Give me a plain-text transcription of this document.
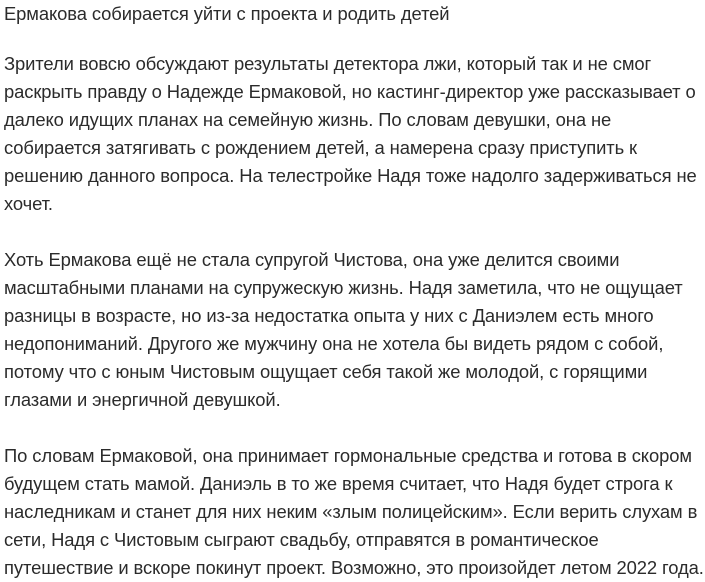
Ермакова собирается уйти с проекта и родить детей

Зрители вовсю обсуждают результаты детектора лжи, который так и не смог раскрыть правду о Надежде Ермаковой, но кастинг-директор уже рассказывает о далеко идущих планах на семейную жизнь. По словам девушки, она не собирается затягивать с рождением детей, а намерена сразу приступить к решению данного вопроса. На телестройке Надя тоже надолго задерживаться не хочет.

Хоть Ермакова ещё не стала супругой Чистова, она уже делится своими масштабными планами на супружескую жизнь. Надя заметила, что не ощущает разницы в возрасте, но из-за недостатка опыта у них с Даниэлем есть много недопониманий. Другого же мужчину она не хотела бы видеть рядом с собой, потому что с юным Чистовым ощущает себя такой же молодой, с горящими глазами и энергичной девушкой.

По словам Ермаковой, она принимает гормональные средства и готова в скором будущем стать мамой. Даниэль в то же время считает, что Надя будет строга к наследникам и станет для них неким «злым полицейским». Если верить слухам в сети, Надя с Чистовым сыграют свадьбу, отправятся в романтическое путешествие и вскоре покинут проект. Возможно, это произойдет летом 2022 года.
